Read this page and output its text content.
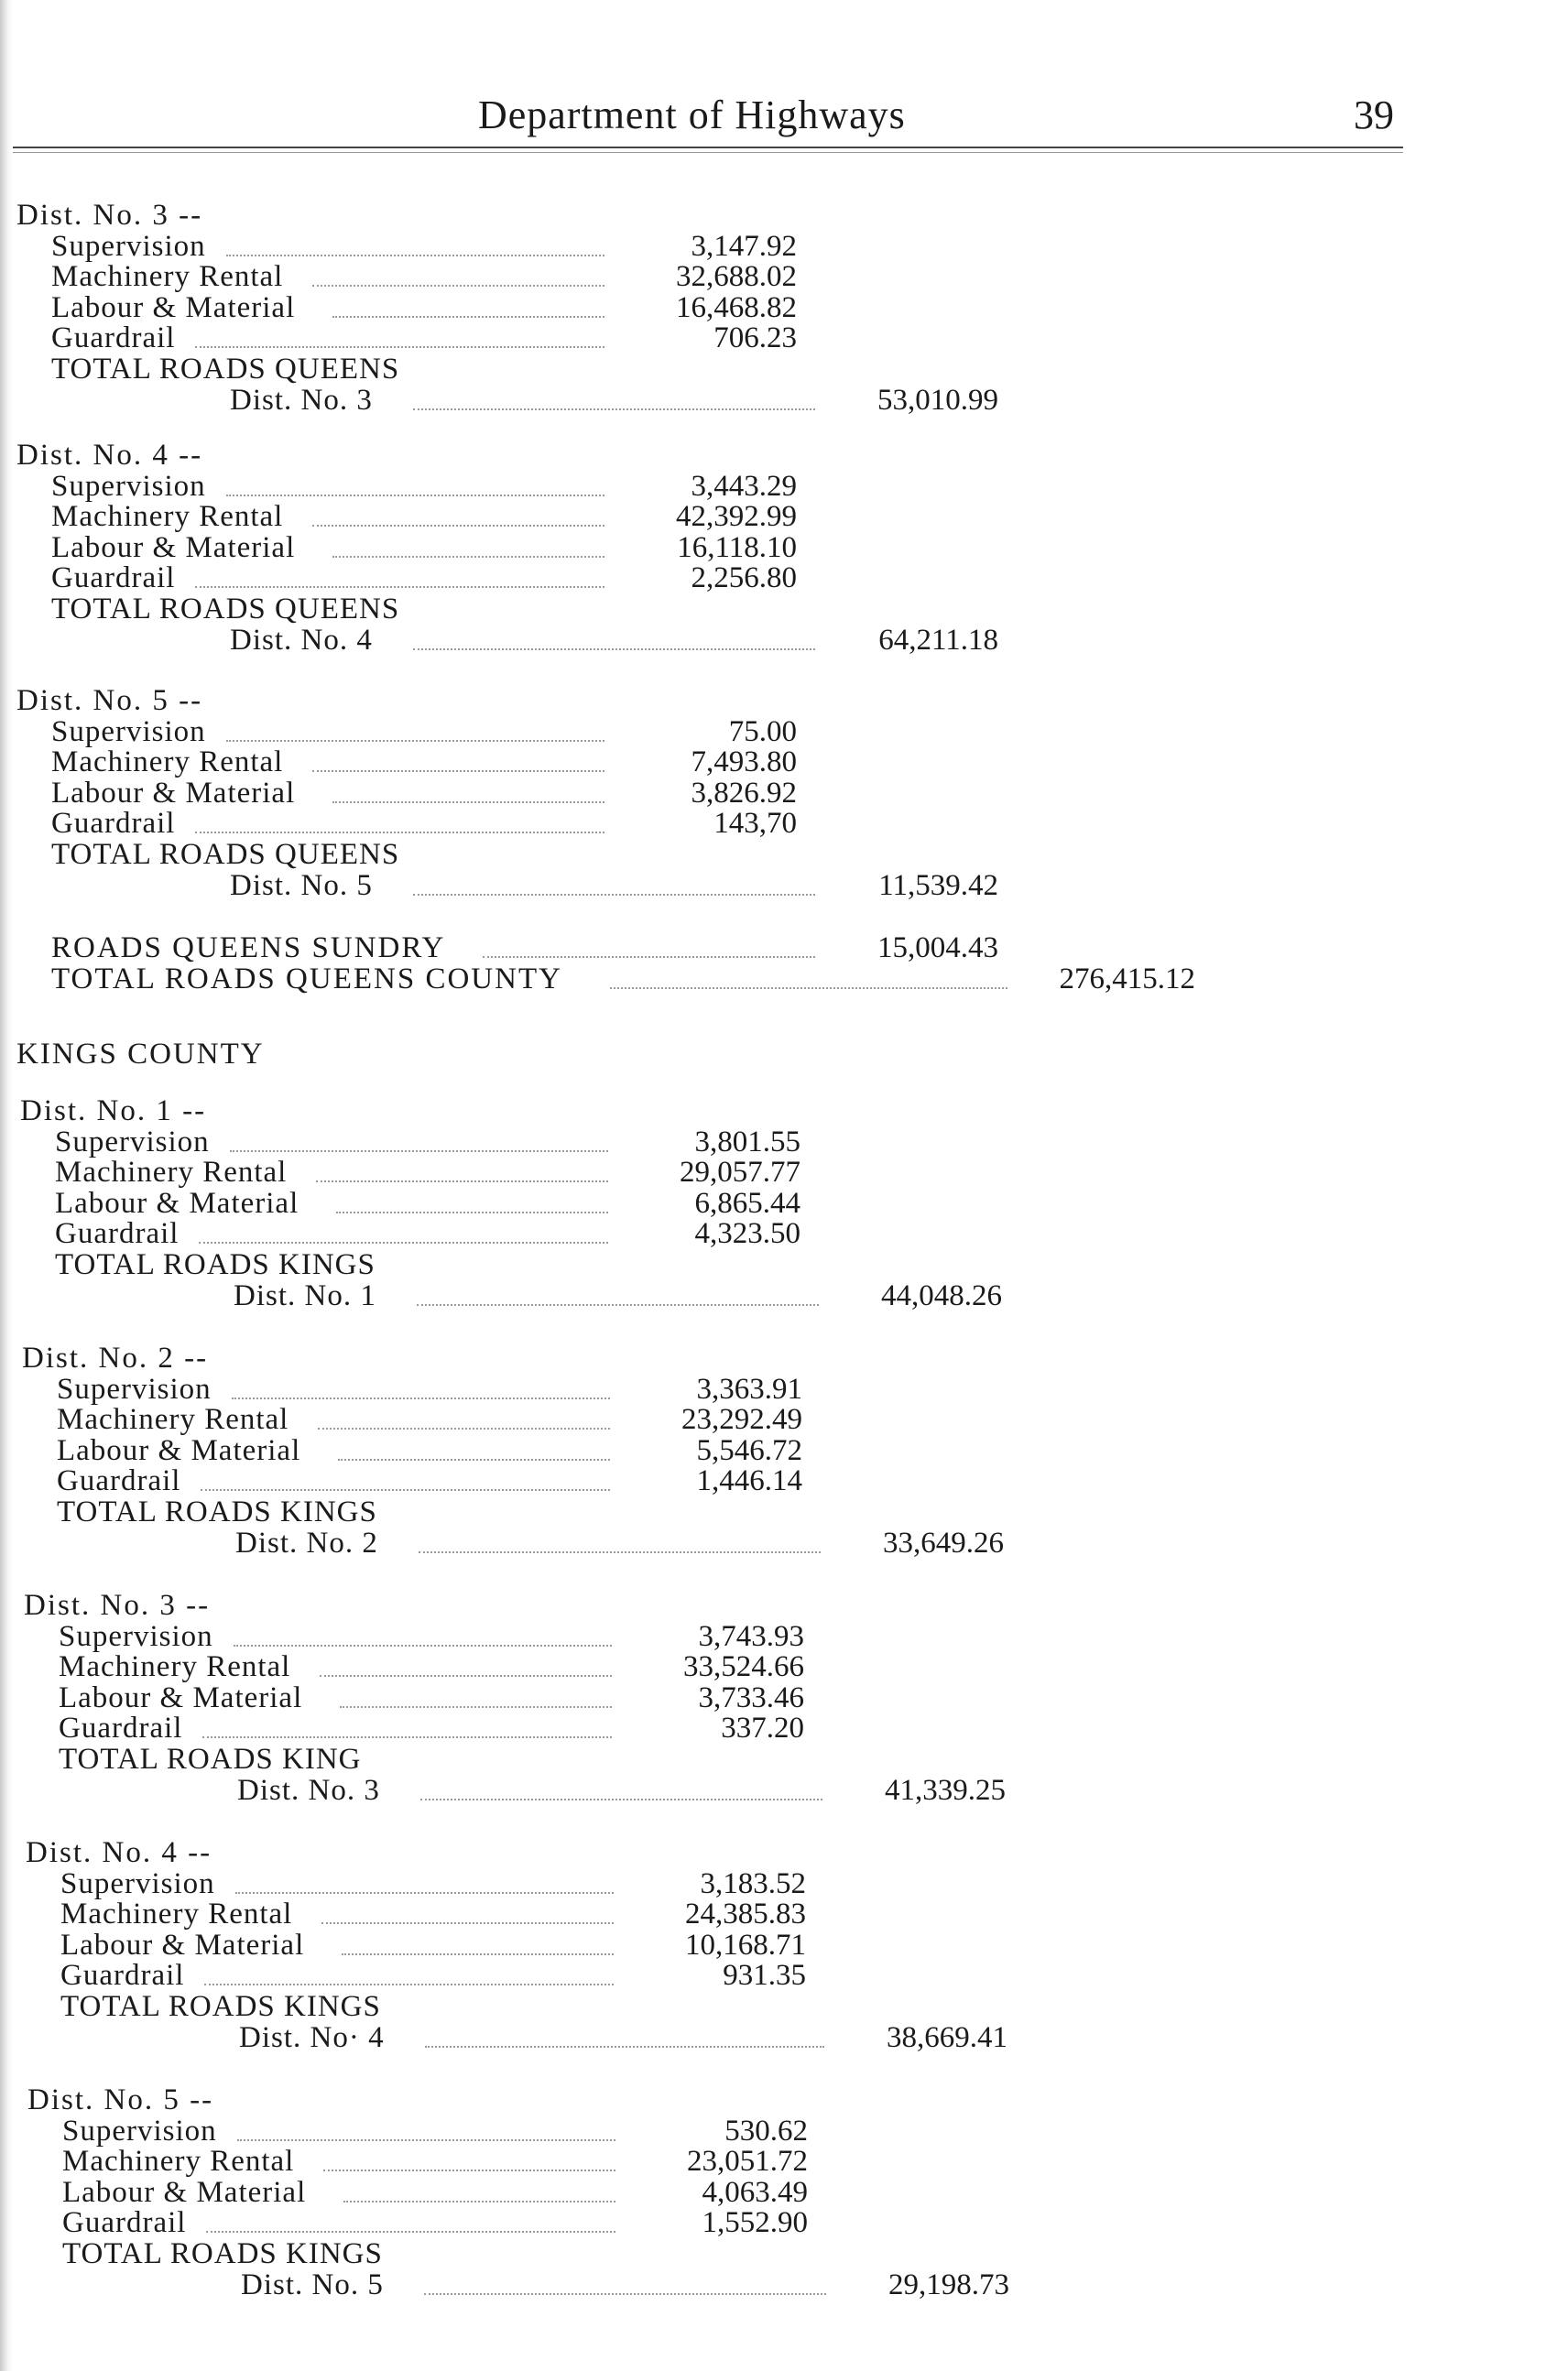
Department of Highways	39
Dist. No. 3 --
Supervision	3,147.92
Machinery Rental	32,688.02
Labour & Material	16,468.82
Guardrail	706.23
TOTAL ROADS QUEENS
Dist. No. 3	53,010.99
Dist. No. 4 --
Supervision	3,443.29
Machinery Rental	42,392.99
Labour & Material	16,118.10
Guardrail	2,256.80
TOTAL ROADS QUEENS
Dist. No. 4	64,211.18
Dist. No. 5 --
Supervision	75.00
Machinery Rental	7,493.80
Labour & Material	3,826.92
Guardrail	143,70
TOTAL ROADS QUEENS
Dist. No. 5	11,539.42
ROADS QUEENS SUNDRY	15,004.43
TOTAL ROADS QUEENS COUNTY	276,415.12
KINGS COUNTY
Dist. No. 1 --
Supervision	3,801.55
Machinery Rental	29,057.77
Labour & Material	6,865.44
Guardrail	4,323.50
TOTAL ROADS KINGS
Dist. No. 1	44,048.26
Dist. No. 2 --
Supervision	3,363.91
Machinery Rental	23,292.49
Labour & Material	5,546.72
Guardrail	1,446.14
TOTAL ROADS KINGS
Dist. No. 2	33,649.26
Dist. No. 3 --
Supervision	3,743.93
Machinery Rental	33,524.66
Labour & Material	3,733.46
Guardrail	337.20
TOTAL ROADS KING
Dist. No. 3	41,339.25
Dist. No. 4 --
Supervision	3,183.52
Machinery Rental	24,385.83
Labour & Material	10,168.71
Guardrail	931.35
TOTAL ROADS KINGS
Dist. No· 4	38,669.41
Dist. No. 5 --
Supervision	530.62
Machinery Rental	23,051.72
Labour & Material	4,063.49
Guardrail	1,552.90
TOTAL ROADS KINGS
Dist. No. 5	29,198.73
